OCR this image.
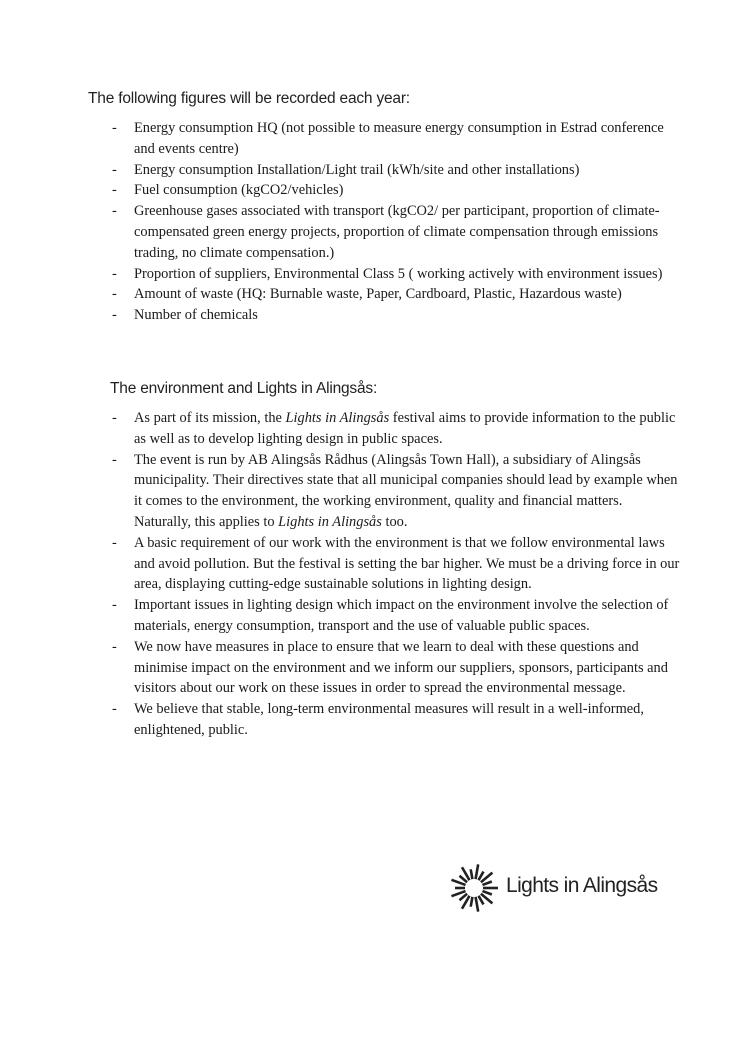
The following figures will be recorded each year:
- Energy consumption HQ (not possible to measure energy consumption in Estrad conference and events centre)
- Energy consumption Installation/Light trail (kWh/site and other installations)
- Fuel consumption (kgCO2/vehicles)
- Greenhouse gases associated with transport (kgCO2/ per participant, proportion of climate-compensated green energy projects, proportion of climate compensation through emissions trading, no climate compensation.)
- Proportion of suppliers, Environmental Class 5 ( working actively with environment issues)
- Amount of waste (HQ: Burnable waste, Paper, Cardboard, Plastic, Hazardous waste)
- Number of chemicals
The environment and Lights in Alingsås:
- As part of its mission, the Lights in Alingsås festival aims to provide information to the public as well as to develop lighting design in public spaces.
- The event is run by AB Alingsås Rådhus (Alingsås Town Hall), a subsidiary of Alingsås municipality. Their directives state that all municipal companies should lead by example when it comes to the environment, the working environment, quality and financial matters. Naturally, this applies to Lights in Alingsås too.
- A basic requirement of our work with the environment is that we follow environmental laws and avoid pollution. But the festival is setting the bar higher. We must be a driving force in our area, displaying cutting-edge sustainable solutions in lighting design.
- Important issues in lighting design which impact on the environment involve the selection of materials, energy consumption, transport and the use of valuable public spaces.
- We now have measures in place to ensure that we learn to deal with these questions and minimise impact on the environment and we inform our suppliers, sponsors, participants and visitors about our work on these issues in order to spread the environmental message.
- We believe that stable, long-term environmental measures will result in a well-informed, enlightened, public.
Lights in Alingsås
